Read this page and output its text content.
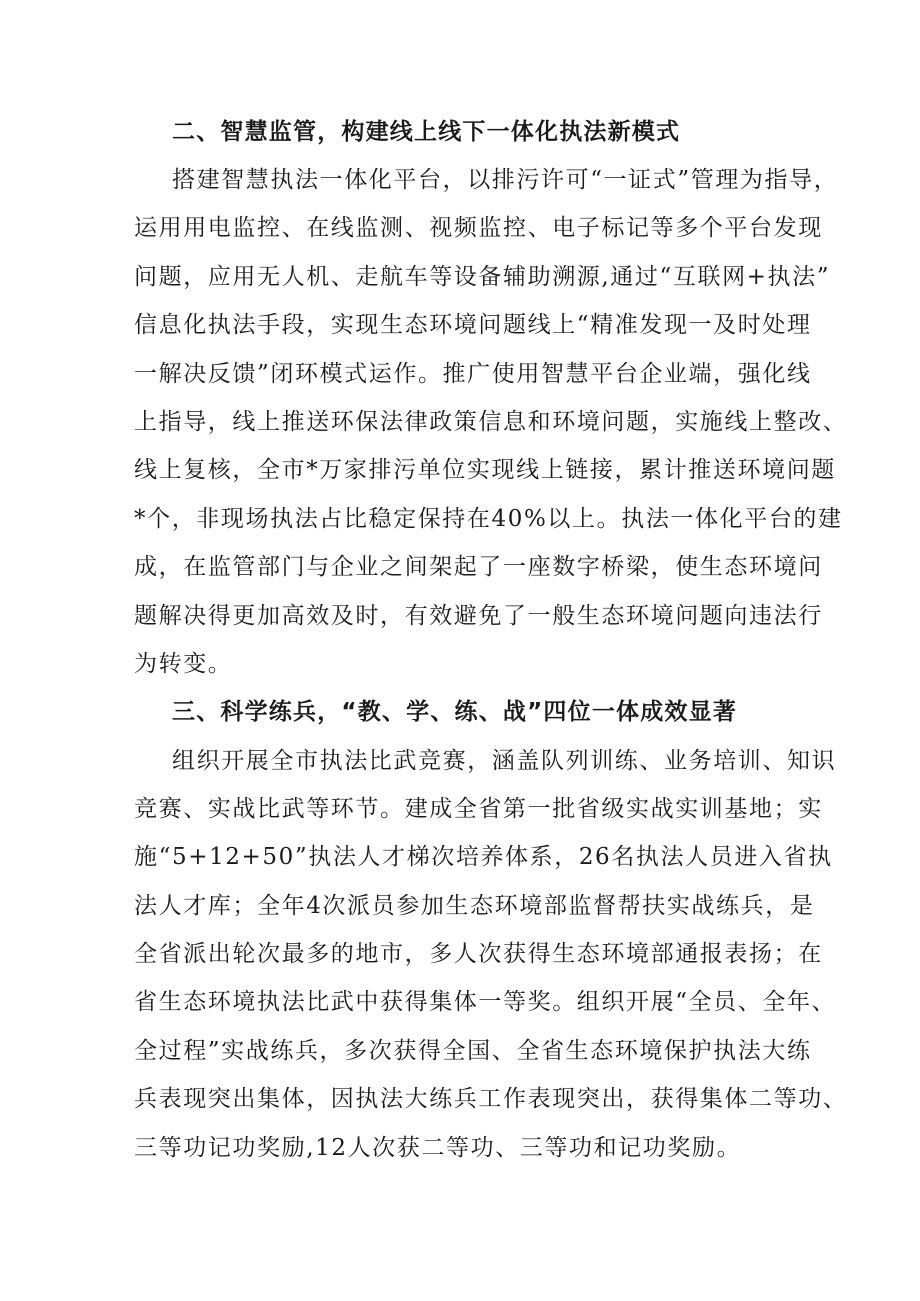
二、智慧监管，构建线上线下一体化执法新模式
搭建智慧执法一体化平台，以排污许可“一证式”管理为指导，
运用用电监控、在线监测、视频监控、电子标记等多个平台发现
问题，应用无人机、走航车等设备辅助溯源,通过“互联网+执法”
信息化执法手段，实现生态环境问题线上“精准发现一及时处理
一解决反馈”闭环模式运作。推广使用智慧平台企业端，强化线
上指导，线上推送环保法律政策信息和环境问题，实施线上整改、
线上复核，全市*万家排污单位实现线上链接，累计推送环境问题
*个，非现场执法占比稳定保持在40%以上。执法一体化平台的建
成，在监管部门与企业之间架起了一座数字桥梁，使生态环境问
题解决得更加高效及时，有效避免了一般生态环境问题向违法行
为转变。
三、科学练兵，“教、学、练、战”四位一体成效显著
组织开展全市执法比武竞赛，涵盖队列训练、业务培训、知识
竞赛、实战比武等环节。建成全省第一批省级实战实训基地；实
施“5+12+50”执法人才梯次培养体系，26名执法人员进入省执
法人才库；全年4次派员参加生态环境部监督帮扶实战练兵，是
全省派出轮次最多的地市，多人次获得生态环境部通报表扬；在
省生态环境执法比武中获得集体一等奖。组织开展“全员、全年、
全过程”实战练兵，多次获得全国、全省生态环境保护执法大练
兵表现突出集体，因执法大练兵工作表现突出，获得集体二等功、
三等功记功奖励,12人次获二等功、三等功和记功奖励。
